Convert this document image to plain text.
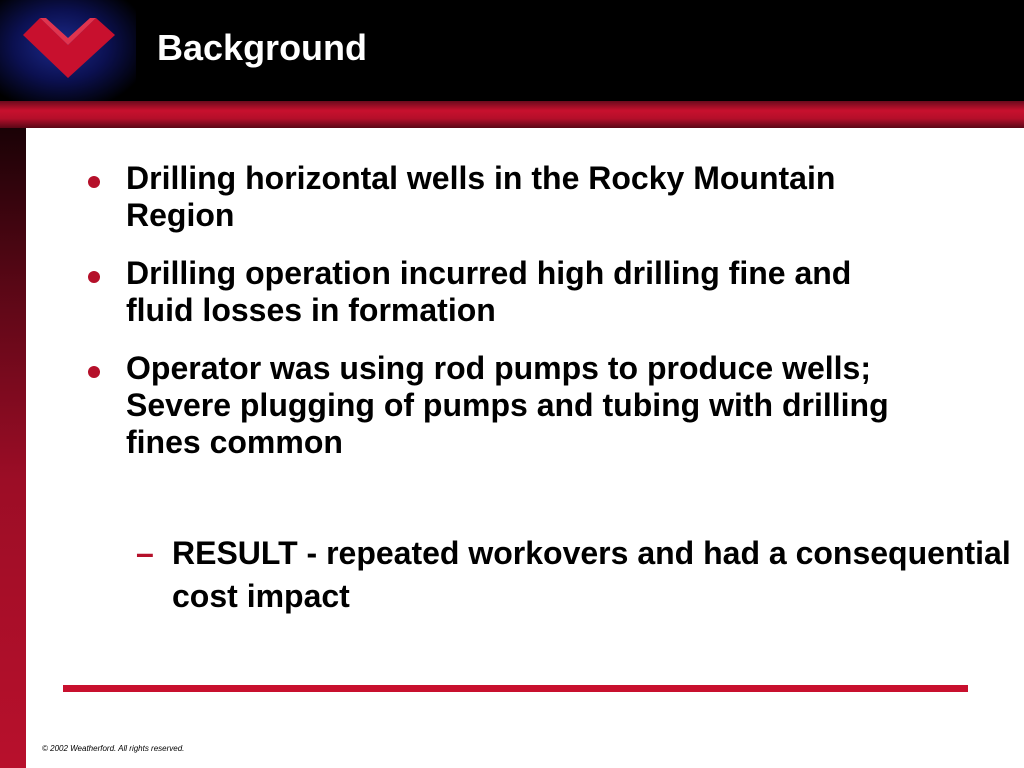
Background
Drilling horizontal wells in the Rocky Mountain Region
Drilling operation incurred high drilling fine and fluid losses in formation
Operator was using rod pumps to produce wells; Severe plugging of pumps and tubing with drilling fines common
– RESULT - repeated workovers and had a consequential cost impact
© 2002 Weatherford. All rights reserved.
